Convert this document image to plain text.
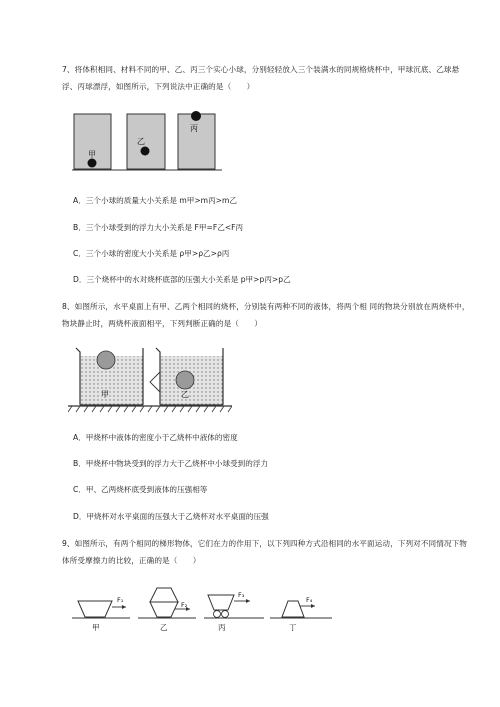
7、将体积相同、材料不同的甲、乙、丙三个实心小球，分别轻轻放入三个装满水的同规格烧杯中，甲球沉底、乙球悬浮、丙球漂浮，如图所示，下列说法中正确的是（　　）
甲
乙
丙
A．三个小球的质量大小关系是 m甲>m丙>m乙
B．三个小球受到的浮力大小关系是 F甲=F乙<F丙
C．三个小球的密度大小关系是 ρ甲>ρ乙>ρ丙
D．三个烧杯中的水对烧杯底部的压强大小关系是 p甲>p丙>p乙
8、如图所示，水平桌面上有甲、乙两个相同的烧杯，分别装有两种不同的液体，将两个相 同的物块分别放在两烧杯中，物块静止时，两烧杯液面相平，下列判断正确的是（　　）
甲	乙
A．甲烧杯中液体的密度小于乙烧杯中液体的密度
B．甲烧杯中物块受到的浮力大于乙烧杯中小球受到的浮力
C．甲、乙两烧杯底受到液体的压强相等
D．甲烧杯对水平桌面的压强大于乙烧杯对水平桌面的压强
9、如图所示，有两个相同的梯形物体，它们在力的作用下，以下列四种方式沿相同的水平面运动，下列对不同情况下物体所受摩擦力的比较，正确的是（　　）
F₁
甲
F₂
乙
F₃
丙
F₄
丁
